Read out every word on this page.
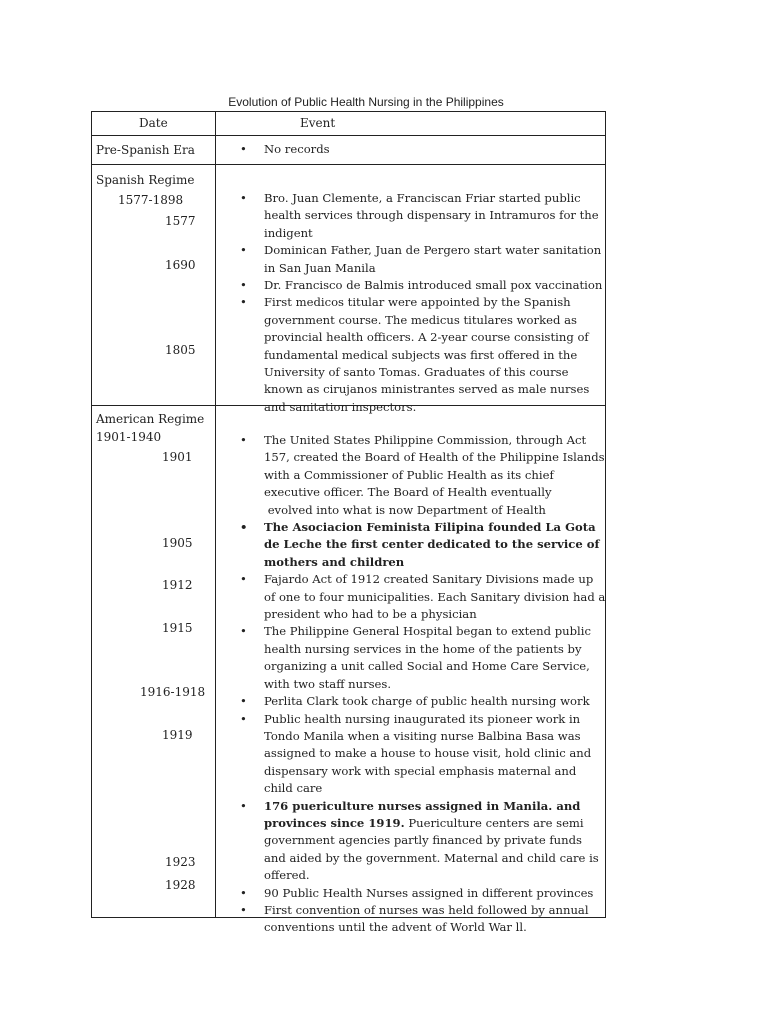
Evolution of Public Health Nursing in the Philippines
Date	Event
Pre-Spanish Era
•	No records
Spanish Regime
1577-1898
1577
1690
1805
• Bro. Juan Clemente, a Franciscan Friar started public health services through dispensary in Intramuros for the indigent
• Dominican Father, Juan de Pergero start water sanitation in San Juan Manila
• Dr. Francisco de Balmis introduced small pox vaccination
• First medicos titular were appointed by the Spanish government course. The medicus titulares worked as provincial health officers. A 2-year course consisting of fundamental medical subjects was first offered in the University of santo Tomas. Graduates of this course known as cirujanos ministrantes served as male nurses and sanitation inspectors.
American Regime
1901-1940
1901
1905
1912
1915
1916-1918
1919
1923
1928
• The United States Philippine Commission, through Act 157, created the Board of Health of the Philippine Islands with a Commissioner of Public Health as its chief executive officer. The Board of Health eventually
evolved into what is now Department of Health
• The Asociacion Feminista Filipina founded La Gota de Leche the first center dedicated to the service of mothers and children
• Fajardo Act of 1912 created Sanitary Divisions made up of one to four municipalities. Each Sanitary division had a president who had to be a physician
• The Philippine General Hospital began to extend public health nursing services in the home of the patients by organizing a unit called Social and Home Care Service, with two staff nurses.
• Perlita Clark took charge of public health nursing work
• Public health nursing inaugurated its pioneer work in Tondo Manila when a visiting nurse Balbina Basa was assigned to make a house to house visit, hold clinic and dispensary work with special emphasis maternal and child care
• 176 puericulture nurses assigned in Manila. and provinces since 1919. Puericulture centers are semi government agencies partly financed by private funds and aided by the government. Maternal and child care is offered.
• 90 Public Health Nurses assigned in different provinces
• First convention of nurses was held followed by annual conventions until the advent of World War ll.
